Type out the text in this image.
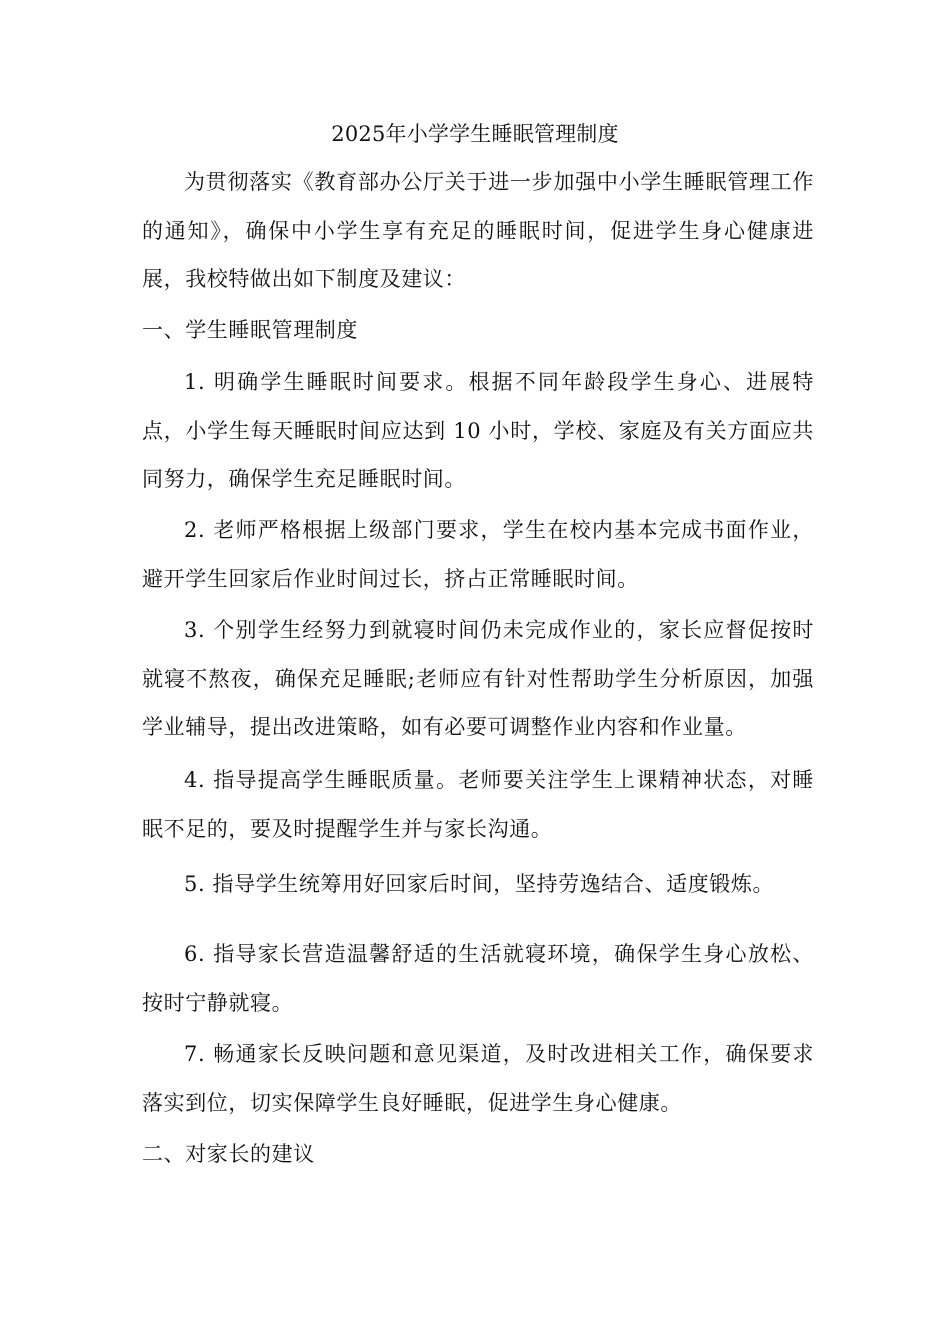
2025年小学学生睡眠管理制度
为贯彻落实《教育部办公厅关于进一步加强中小学生睡眠管理工作的通知》，确保中小学生享有充足的睡眠时间，促进学生身心健康进展，我校特做出如下制度及建议：
一、学生睡眠管理制度
1. 明确学生睡眠时间要求。根据不同年龄段学生身心、进展特点，小学生每天睡眠时间应达到 10 小时，学校、家庭及有关方面应共同努力，确保学生充足睡眠时间。
2. 老师严格根据上级部门要求，学生在校内基本完成书面作业，避开学生回家后作业时间过长，挤占正常睡眠时间。
3. 个别学生经努力到就寝时间仍未完成作业的，家长应督促按时就寝不熬夜，确保充足睡眠;老师应有针对性帮助学生分析原因，加强学业辅导，提出改进策略，如有必要可调整作业内容和作业量。
4. 指导提高学生睡眠质量。老师要关注学生上课精神状态，对睡眠不足的，要及时提醒学生并与家长沟通。
5. 指导学生统筹用好回家后时间，坚持劳逸结合、适度锻炼。
6. 指导家长营造温馨舒适的生活就寝环境，确保学生身心放松、按时宁静就寝。
7. 畅通家长反映问题和意见渠道，及时改进相关工作，确保要求落实到位，切实保障学生良好睡眠，促进学生身心健康。
二、对家长的建议
